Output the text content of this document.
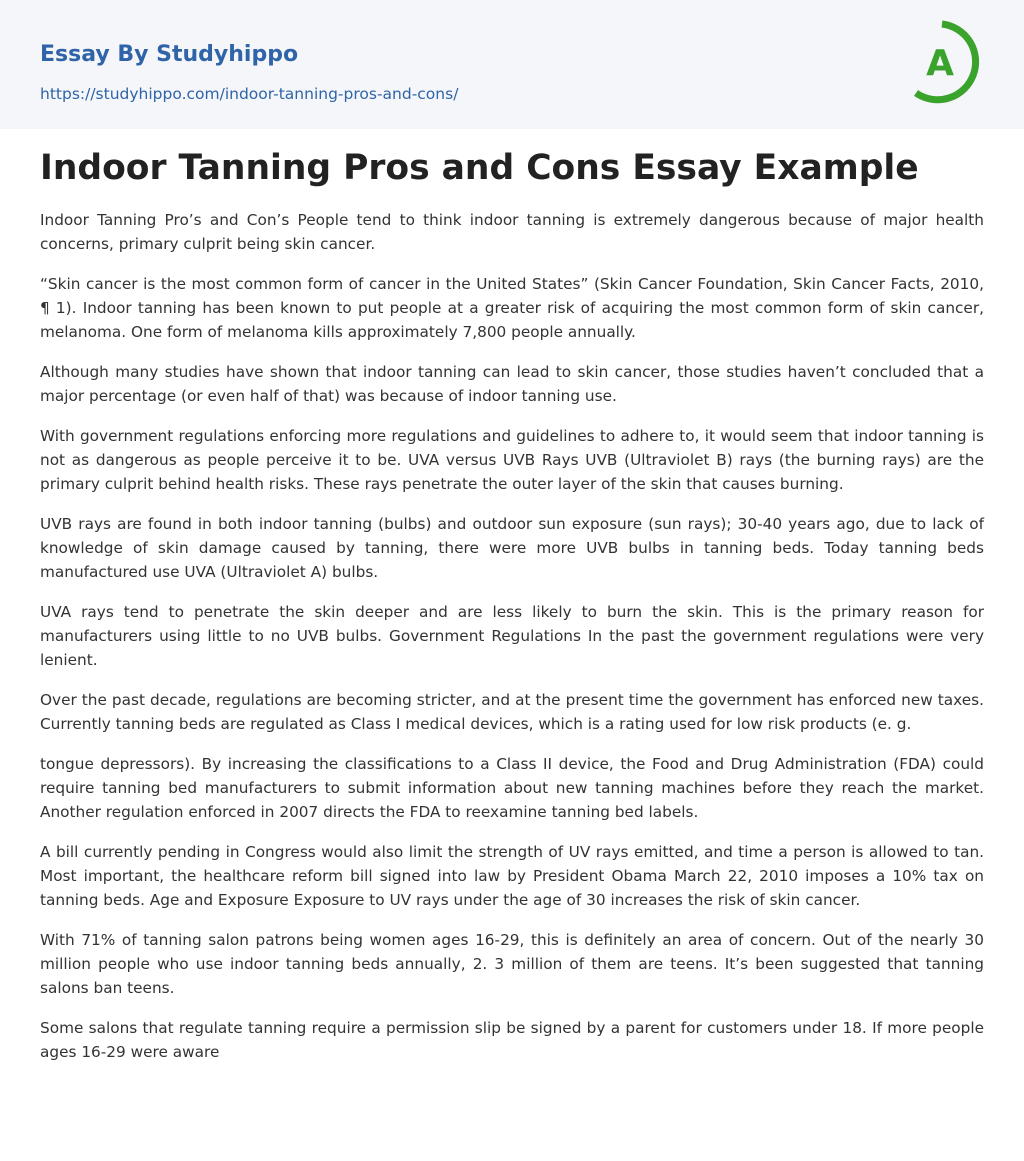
Essay By Studyhippo
https://studyhippo.com/indoor-tanning-pros-and-cons/
A
Indoor Tanning Pros and Cons Essay Example

Indoor Tanning Pro’s and Con’s People tend to think indoor tanning is extremely dangerous because of major health concerns, primary culprit being skin cancer.

“Skin cancer is the most common form of cancer in the United States” (Skin Cancer Foundation, Skin Cancer Facts, 2010, ¶ 1). Indoor tanning has been known to put people at a greater risk of acquiring the most common form of skin cancer, melanoma. One form of melanoma kills approximately 7,800 people annually.

Although many studies have shown that indoor tanning can lead to skin cancer, those studies haven’t concluded that a major percentage (or even half of that) was because of indoor tanning use.

With government regulations enforcing more regulations and guidelines to adhere to, it would seem that indoor tanning is not as dangerous as people perceive it to be. UVA versus UVB Rays UVB (Ultraviolet B) rays (the burning rays) are the primary culprit behind health risks. These rays penetrate the outer layer of the skin that causes burning.

UVB rays are found in both indoor tanning (bulbs) and outdoor sun exposure (sun rays); 30-40 years ago, due to lack of knowledge of skin damage caused by tanning, there were more UVB bulbs in tanning beds. Today tanning beds manufactured use UVA (Ultraviolet A) bulbs.

UVA rays tend to penetrate the skin deeper and are less likely to burn the skin. This is the primary reason for manufacturers using little to no UVB bulbs. Government Regulations In the past the government regulations were very lenient.

Over the past decade, regulations are becoming stricter, and at the present time the government has enforced new taxes. Currently tanning beds are regulated as Class I medical devices, which is a rating used for low risk products (e. g.

tongue depressors). By increasing the classifications to a Class II device, the Food and Drug Administration (FDA) could require tanning bed manufacturers to submit information about new tanning machines before they reach the market. Another regulation enforced in 2007 directs the FDA to reexamine tanning bed labels.

A bill currently pending in Congress would also limit the strength of UV rays emitted, and time a person is allowed to tan. Most important, the healthcare reform bill signed into law by President Obama March 22, 2010 imposes a 10% tax on tanning beds. Age and Exposure Exposure to UV rays under the age of 30 increases the risk of skin cancer.

With 71% of tanning salon patrons being women ages 16-29, this is definitely an area of concern. Out of the nearly 30 million people who use indoor tanning beds annually, 2. 3 million of them are teens. It’s been suggested that tanning salons ban teens.

Some salons that regulate tanning require a permission slip be signed by a parent for customers under 18. If more people ages 16-29 were aware
